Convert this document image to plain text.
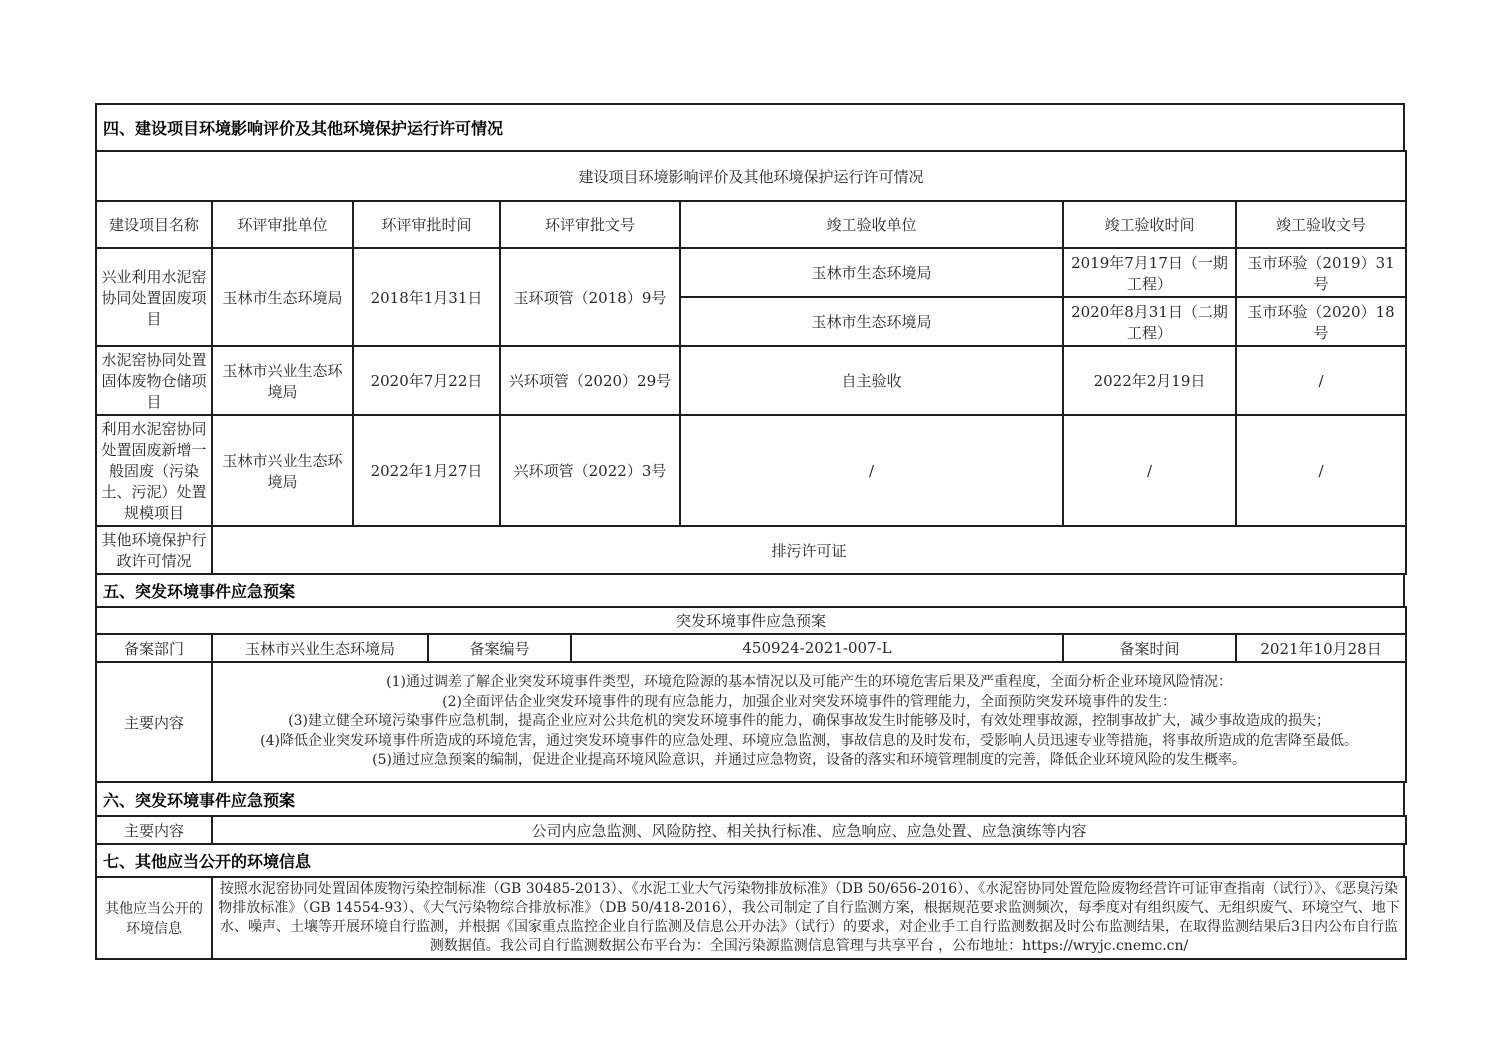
四、建设项目环境影响评价及其他环境保护运行许可情况
建设项目环境影响评价及其他环境保护运行许可情况						
建设项目名称	环评审批单位	环评审批时间	环评审批文号	竣工验收单位	竣工验收时间	竣工验收文号
兴业利用水泥窑协同处置固废项目	玉林市生态环境局	2018年1月31日	玉环项管（2018）9号	玉林市生态环境局	2019年7月17日（一期工程）	玉市环验（2019）31号
				玉林市生态环境局	2020年8月31日（二期工程）	玉市环验（2020）18号
水泥窑协同处置固体废物仓储项目	玉林市兴业生态环境局	2020年7月22日	兴环项管（2020）29号	自主验收	2022年2月19日	/
利用水泥窑协同处置固废新增一般固废（污染土、污泥）处置规模项目	玉林市兴业生态环境局	2022年1月27日	兴环项管（2022）3号	/	/	/
其他环境保护行政许可情况	排污许可证					
五、突发环境事件应急预案
突发环境事件应急预案					
备案部门	玉林市兴业生态环境局	备案编号	450924-2021-007-L	备案时间	2021年10月28日
主要内容	(1)通过调差了解企业突发环境事件类型，环境危险源的基本情况以及可能产生的环境危害后果及严重程度，全面分析企业环境风险情况：
(2)全面评估企业突发环境事件的现有应急能力，加强企业对突发环境事件的管理能力，全面预防突发环境事件的发生：
(3)建立健全环境污染事件应急机制，提高企业应对公共危机的突发环境事件的能力，确保事故发生时能够及时，有效处理事故源，控制事故扩大，减少事故造成的损失；
(4)降低企业突发环境事件所造成的环境危害，通过突发环境事件的应急处理、环境应急监测，事故信息的及时发布，受影响人员迅速专业等措施，将事故所造成的危害降至最低。
(5)通过应急预案的编制，促进企业提高环境风险意识，并通过应急物资，设备的落实和环境管理制度的完善，降低企业环境风险的发生概率。				
六、突发环境事件应急预案
主要内容	公司内应急监测、风险防控、相关执行标准、应急响应、应急处置、应急演练等内容
七、其他应当公开的环境信息
其他应当公开的环境信息	按照水泥窑协同处置固体废物污染控制标准（GB 30485-2013）、《水泥工业大气污染物排放标准》（DB 50/656-2016）、《水泥窑协同处置危险废物经营许可证审查指南（试行）》、《恶臭污染物排放标准》（GB 14554-93）、《大气污染物综合排放标准》（DB 50/418-2016），我公司制定了自行监测方案，根据规范要求监测频次，每季度对有组织废气、无组织废气、环境空气、地下水、噪声、土壤等开展环境自行监测，并根据《国家重点监控企业自行监测及信息公开办法》（试行）的要求，对企业手工自行监测数据及时公布监测结果，在取得监测结果后3日内公布自行监测数据值。我公司自行监测数据公布平台为：全国污染源监测信息管理与共享平台 ，公布地址：https://wryjc.cnemc.cn/
